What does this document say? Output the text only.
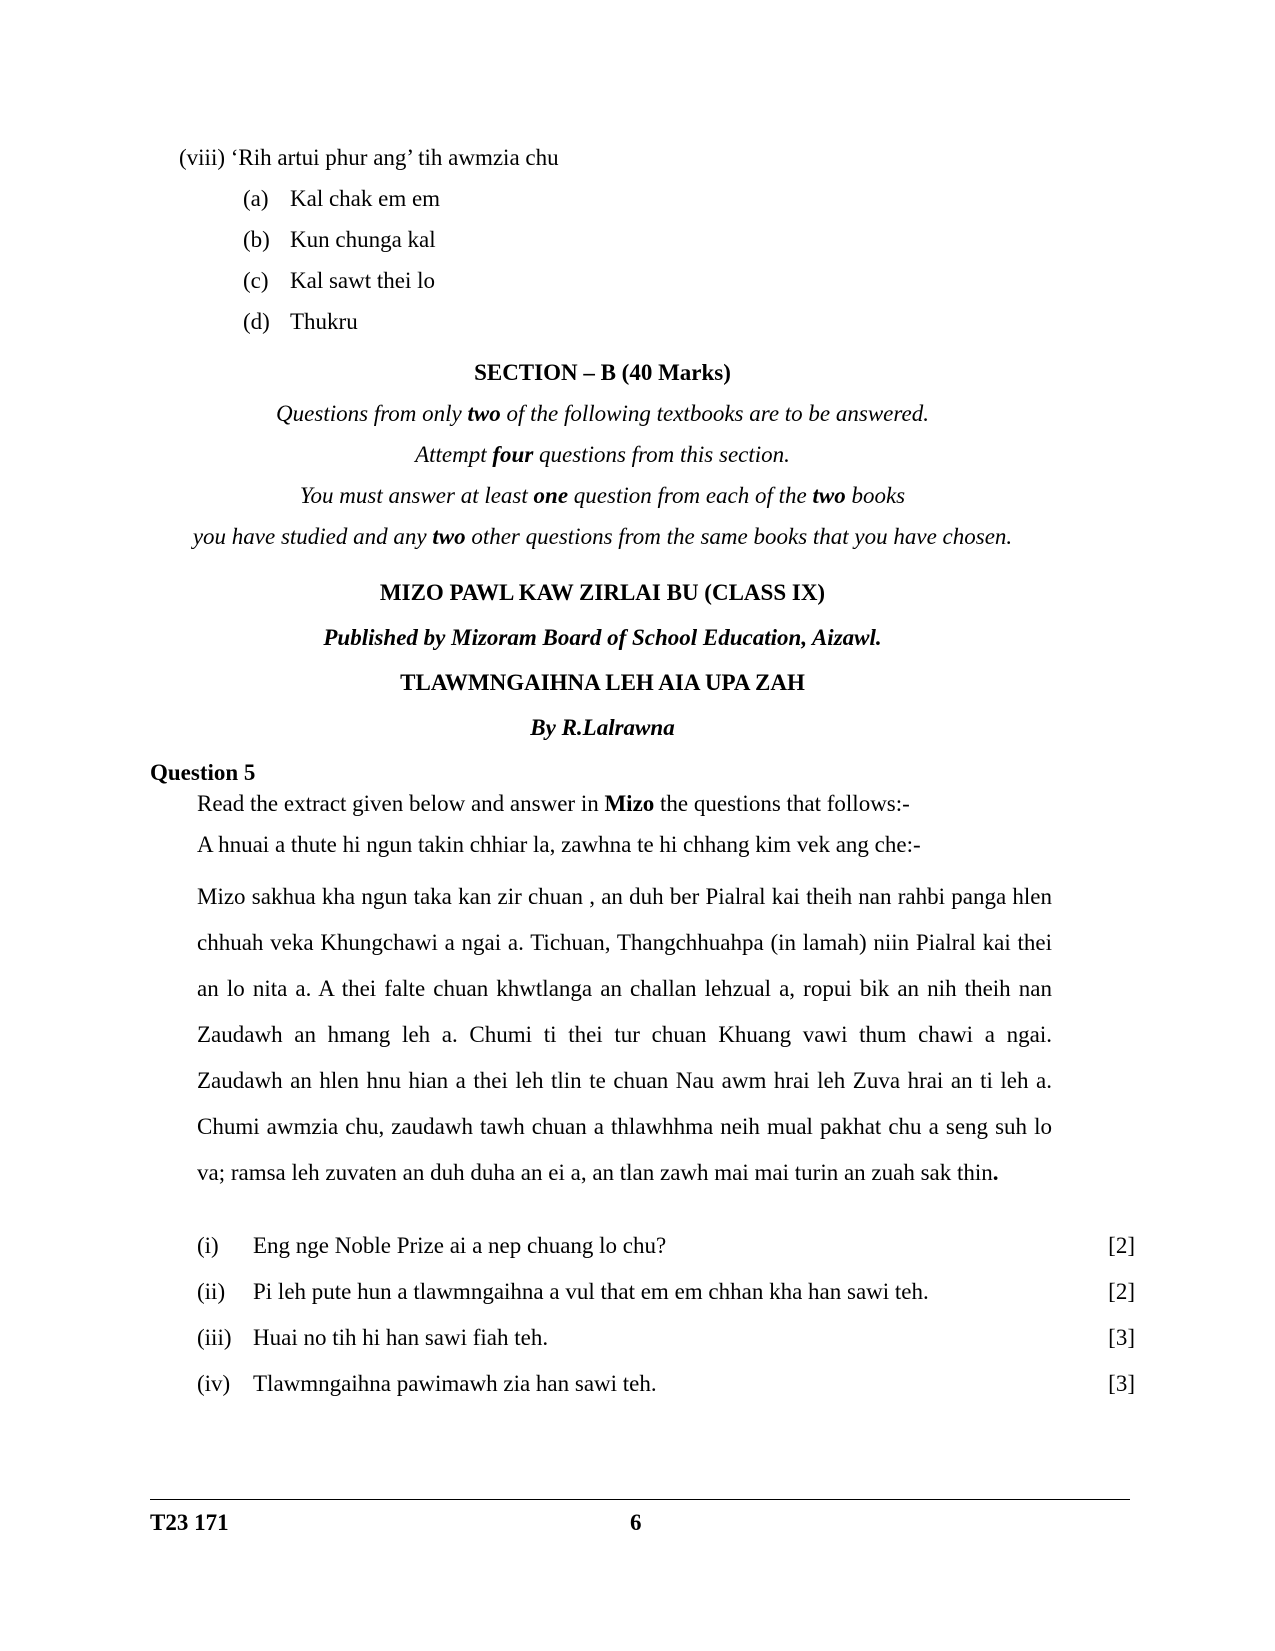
(viii) ‘Rih artui phur ang’ tih awmzia chu
(a) Kal chak em em
(b) Kun chunga kal
(c) Kal sawt thei lo
(d) Thukru
SECTION – B (40 Marks)
Questions from only two of the following textbooks are to be answered.
Attempt four questions from this section.
You must answer at least one question from each of the two books
you have studied and any two other questions from the same books that you have chosen.
MIZO PAWL KAW ZIRLAI BU (CLASS IX)
Published by Mizoram Board of School Education, Aizawl.
TLAWMNGAIHNA LEH AIA UPA ZAH
By R.Lalrawna
Question 5
Read the extract given below and answer in Mizo the questions that follows:-
A hnuai a thute hi ngun takin chhiar la, zawhna te hi chhang kim vek ang che:-
Mizo sakhua kha ngun taka kan zir chuan , an duh ber Pialral kai theih nan rahbi panga hlen chhuah veka Khungchawi a ngai a. Tichuan, Thangchhuahpa (in lamah) niin Pialral kai thei an lo nita a. A thei falte chuan khwtlanga an challan lehzual a, ropui bik an nih theih nan Zaudawh an hmang leh a. Chumi ti thei tur chuan Khuang vawi thum chawi a ngai. Zaudawh an hlen hnu hian a thei leh tlin te chuan Nau awm hrai leh Zuva hrai an ti leh a. Chumi awmzia chu, zaudawh tawh chuan a thlawhhma neih mual pakhat chu a seng suh lo va; ramsa leh zuvaten an duh duha an ei a, an tlan zawh mai mai turin an zuah sak thin.
(i) Eng nge Noble Prize ai a nep chuang lo chu?	[2]
(ii) Pi leh pute hun a tlawmngaihna a vul that em em chhan kha han sawi teh.	[2]
(iii) Huai no tih hi han sawi fiah teh.	[3]
(iv) Tlawmngaihna pawimawh zia han sawi teh.	[3]
T23 171	6
